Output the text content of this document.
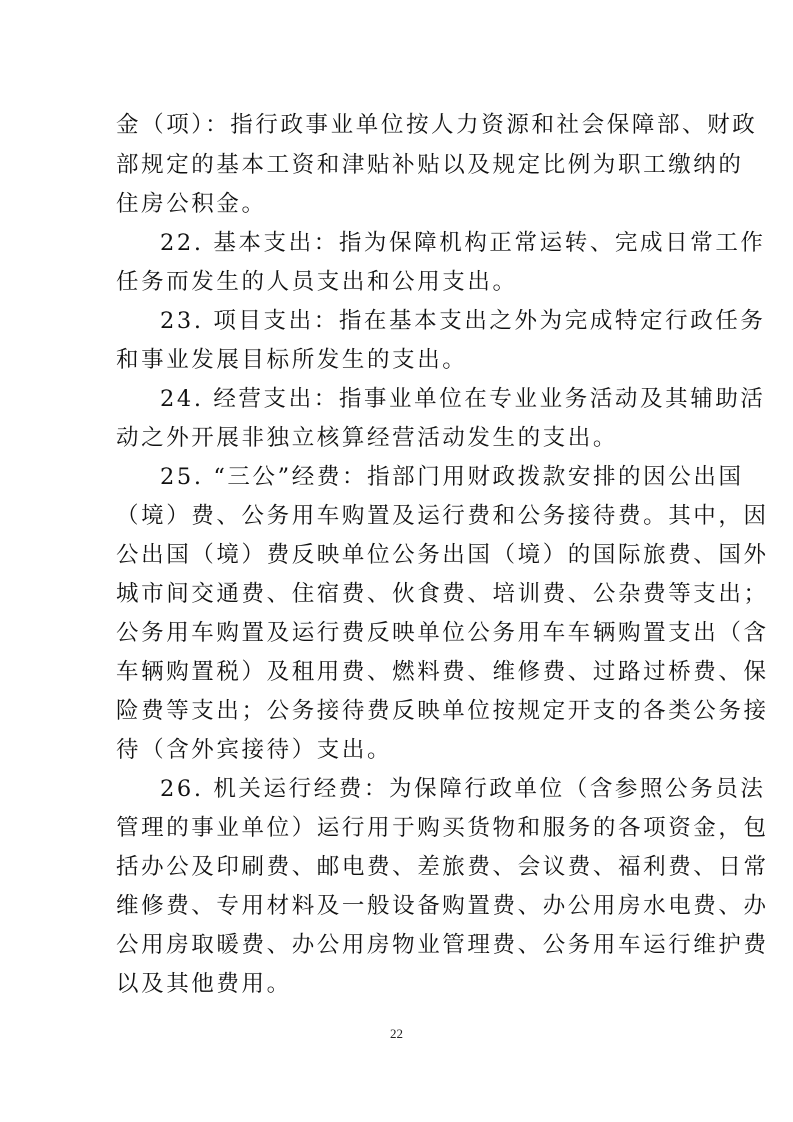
金（项）：指行政事业单位按人力资源和社会保障部、财政
部规定的基本工资和津贴补贴以及规定比例为职工缴纳的
住房公积金。
22. 基本支出：指为保障机构正常运转、完成日常工作
任务而发生的人员支出和公用支出。
23. 项目支出：指在基本支出之外为完成特定行政任务
和事业发展目标所发生的支出。
24. 经营支出：指事业单位在专业业务活动及其辅助活
动之外开展非独立核算经营活动发生的支出。
25. “三公”经费：指部门用财政拨款安排的因公出国
（境）费、公务用车购置及运行费和公务接待费。其中，因
公出国（境）费反映单位公务出国（境）的国际旅费、国外
城市间交通费、住宿费、伙食费、培训费、公杂费等支出；
公务用车购置及运行费反映单位公务用车车辆购置支出（含
车辆购置税）及租用费、燃料费、维修费、过路过桥费、保
险费等支出；公务接待费反映单位按规定开支的各类公务接
待（含外宾接待）支出。
26. 机关运行经费：为保障行政单位（含参照公务员法
管理的事业单位）运行用于购买货物和服务的各项资金，包
括办公及印刷费、邮电费、差旅费、会议费、福利费、日常
维修费、专用材料及一般设备购置费、办公用房水电费、办
公用房取暖费、办公用房物业管理费、公务用车运行维护费
以及其他费用。
22
